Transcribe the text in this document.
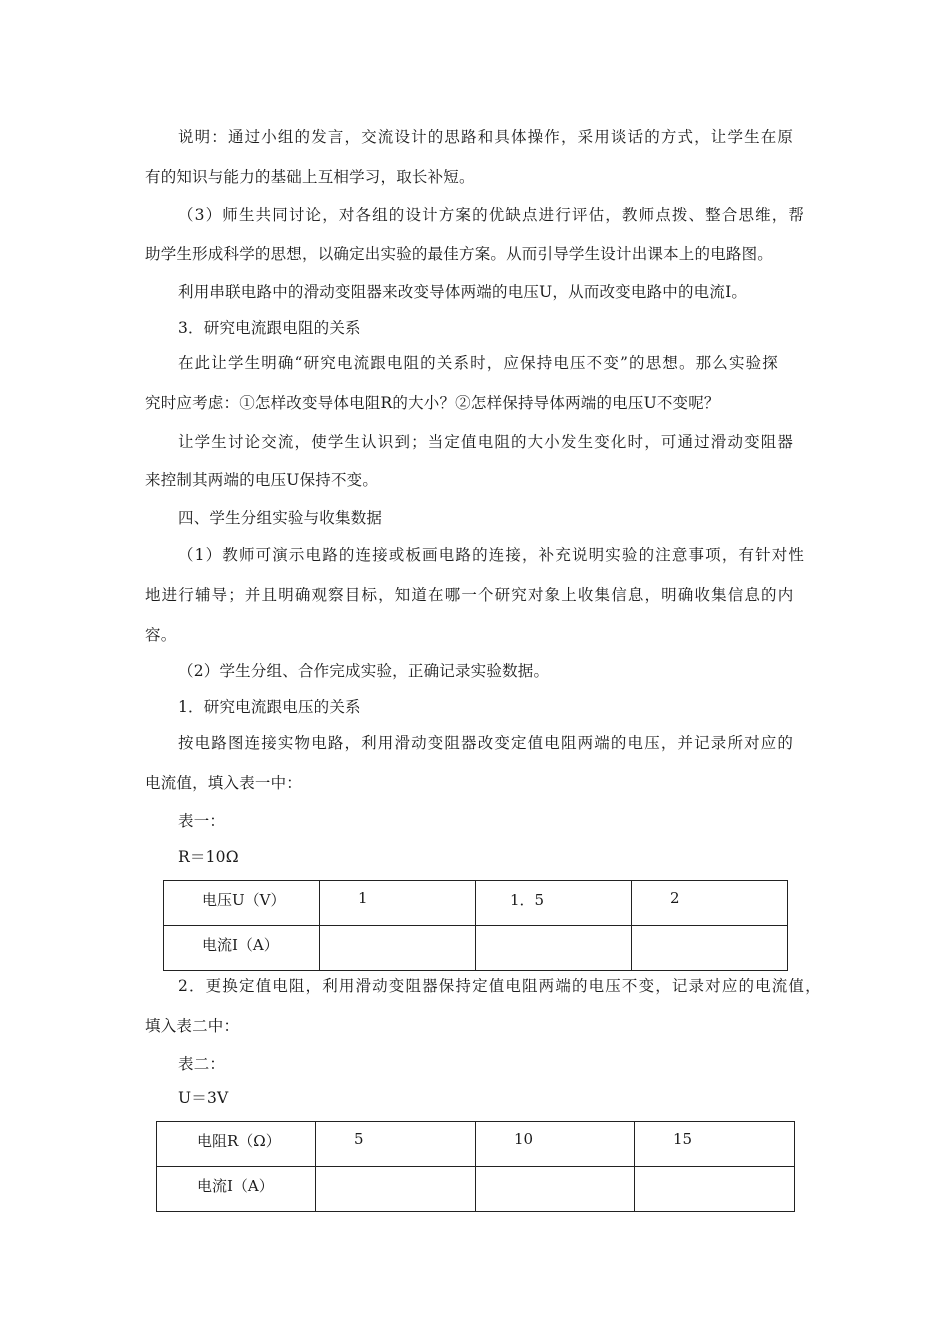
说明：通过小组的发言，交流设计的思路和具体操作，采用谈话的方式，让学生在原
有的知识与能力的基础上互相学习，取长补短。
（3）师生共同讨论，对各组的设计方案的优缺点进行评估，教师点拨、整合思维，帮
助学生形成科学的思想，以确定出实验的最佳方案。从而引导学生设计出课本上的电路图。
利用串联电路中的滑动变阻器来改变导体两端的电压U，从而改变电路中的电流I。
3．研究电流跟电阻的关系
在此让学生明确“研究电流跟电阻的关系时，应保持电压不变”的思想。那么实验探
究时应考虑：①怎样改变导体电阻R的大小？②怎样保持导体两端的电压U不变呢？
让学生讨论交流，使学生认识到；当定值电阻的大小发生变化时，可通过滑动变阻器
来控制其两端的电压U保持不变。
四、学生分组实验与收集数据
（1）教师可演示电路的连接或板画电路的连接，补充说明实验的注意事项，有针对性
地进行辅导；并且明确观察目标，知道在哪一个研究对象上收集信息，明确收集信息的内
容。
（2）学生分组、合作完成实验，正确记录实验数据。
1．研究电流跟电压的关系
按电路图连接实物电路，利用滑动变阻器改变定值电阻两端的电压，并记录所对应的
电流值，填入表一中：
表一：
R＝10Ω
电压U（V）	1	1．5	2
电流I（A）			
2．更换定值电阻，利用滑动变阻器保持定值电阻两端的电压不变，记录对应的电流值，
填入表二中：
表二：
U＝3V
电阻R（Ω）	5	10	15
电流I（A）			
